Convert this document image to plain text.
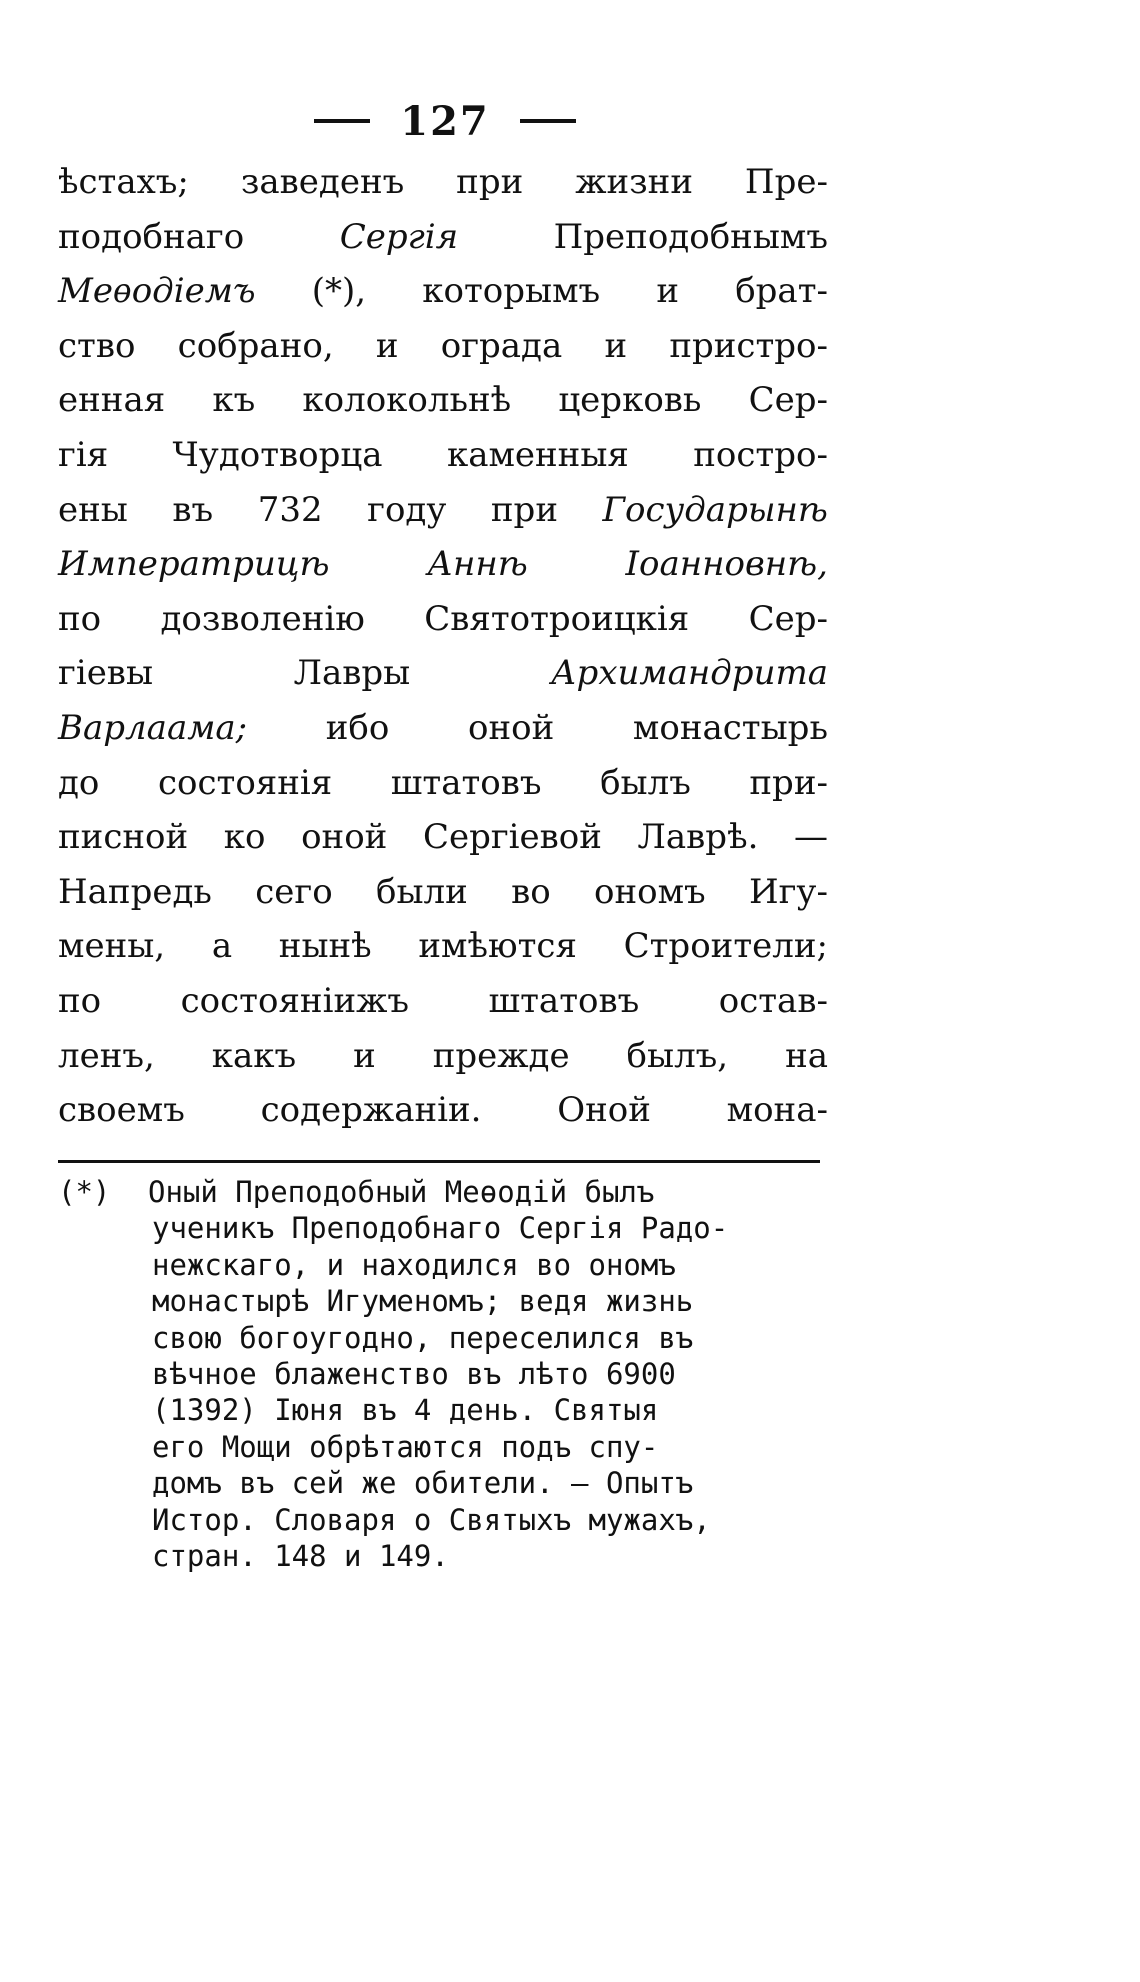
127
ѣстахъ; заведенъ при жизни Пре-
подобнаго	Сергія	Преподобнымъ
Меѳодіемъ (*), которымъ и брат-
ство собрано, и ограда и пристро-
енная къ колокольнѣ церковь Сер-
гія Чудотворца каменныя постро-
ены въ 732 году при Государынѣ
Императрицѣ	Аннѣ	Іоанновнѣ,
по дозволенію Святотроицкія Сер-
гіевы	Лавры	Архимандрита
Варлаама; ибо оной монастырь
до состоянія штатовъ былъ при-
писной ко оной Сергіевой Лаврѣ. —
Напредь сего были во ономъ Игу-
мены, а нынѣ имѣются Строители;
по состояніижъ штатовъ остав-
ленъ, какъ и прежде былъ, на
своемъ содержаніи. Оной мона-
(*) Оный Преподобный Меѳодій былъ
ученикъ Преподобнаго Сергія Радо-
нежскаго, и находился во ономъ
монастырѣ Игуменомъ; ведя жизнь
свою богоугодно, переселился въ
вѣчное блаженство въ лѣто 6900
(1392) Іюня въ 4 день. Святыя
его Мощи обрѣтаются подъ спу-
домъ въ сей же обители. — Опытъ
Истор. Словаря о Святыхъ мужахъ,
стран. 148 и 149.
